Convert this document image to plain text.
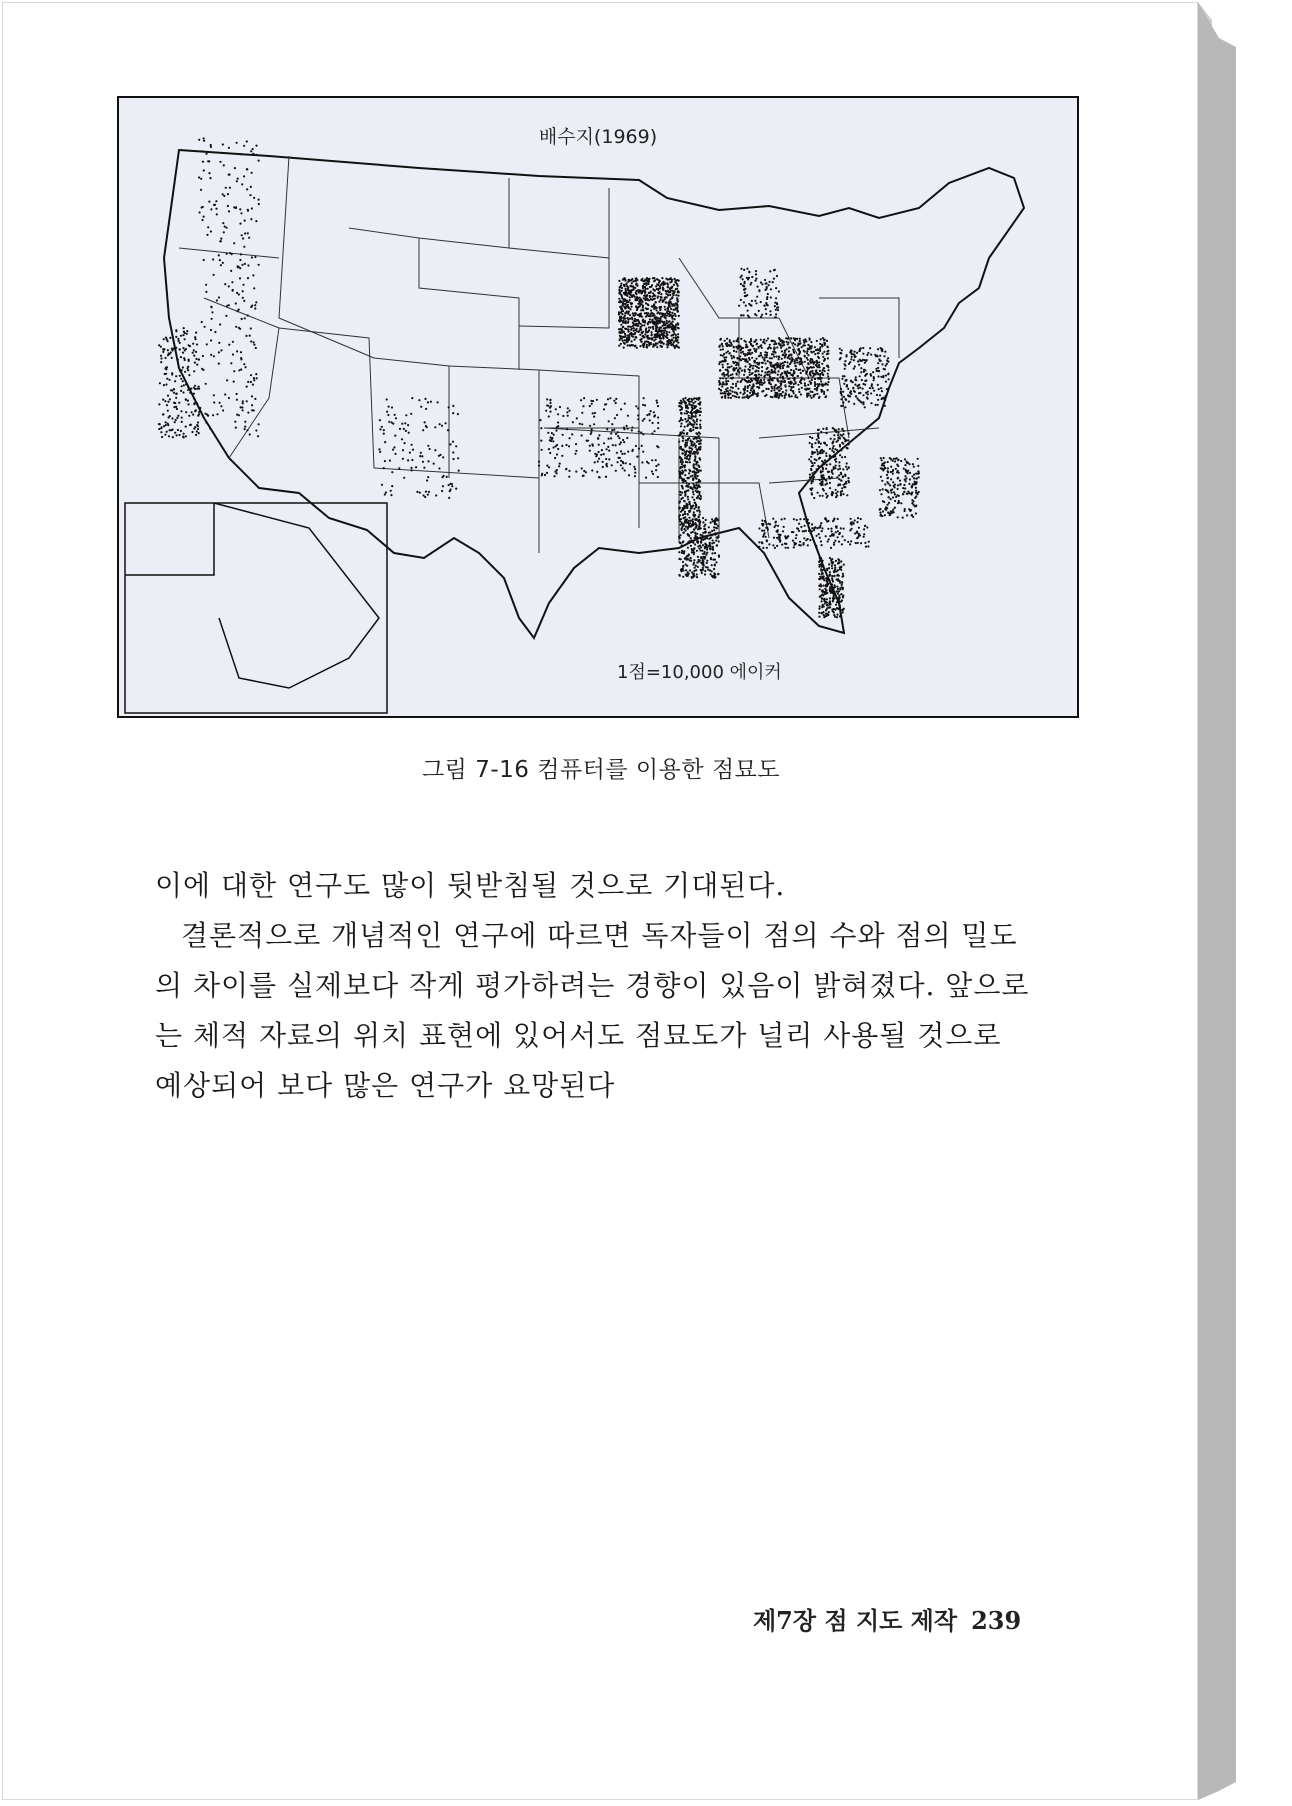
배수지(1969)
1점=10,000 에이커
그림 7-16 컴퓨터를 이용한 점묘도
이에 대한 연구도 많이 뒷받침될 것으로 기대된다.
결론적으로 개념적인 연구에 따르면 독자들이 점의 수와 점의 밀도
의 차이를 실제보다 작게 평가하려는 경향이 있음이 밝혀졌다. 앞으로
는 체적 자료의 위치 표현에 있어서도 점묘도가 널리 사용될 것으로
예상되어 보다 많은 연구가 요망된다
제7장 점 지도 제작 239
